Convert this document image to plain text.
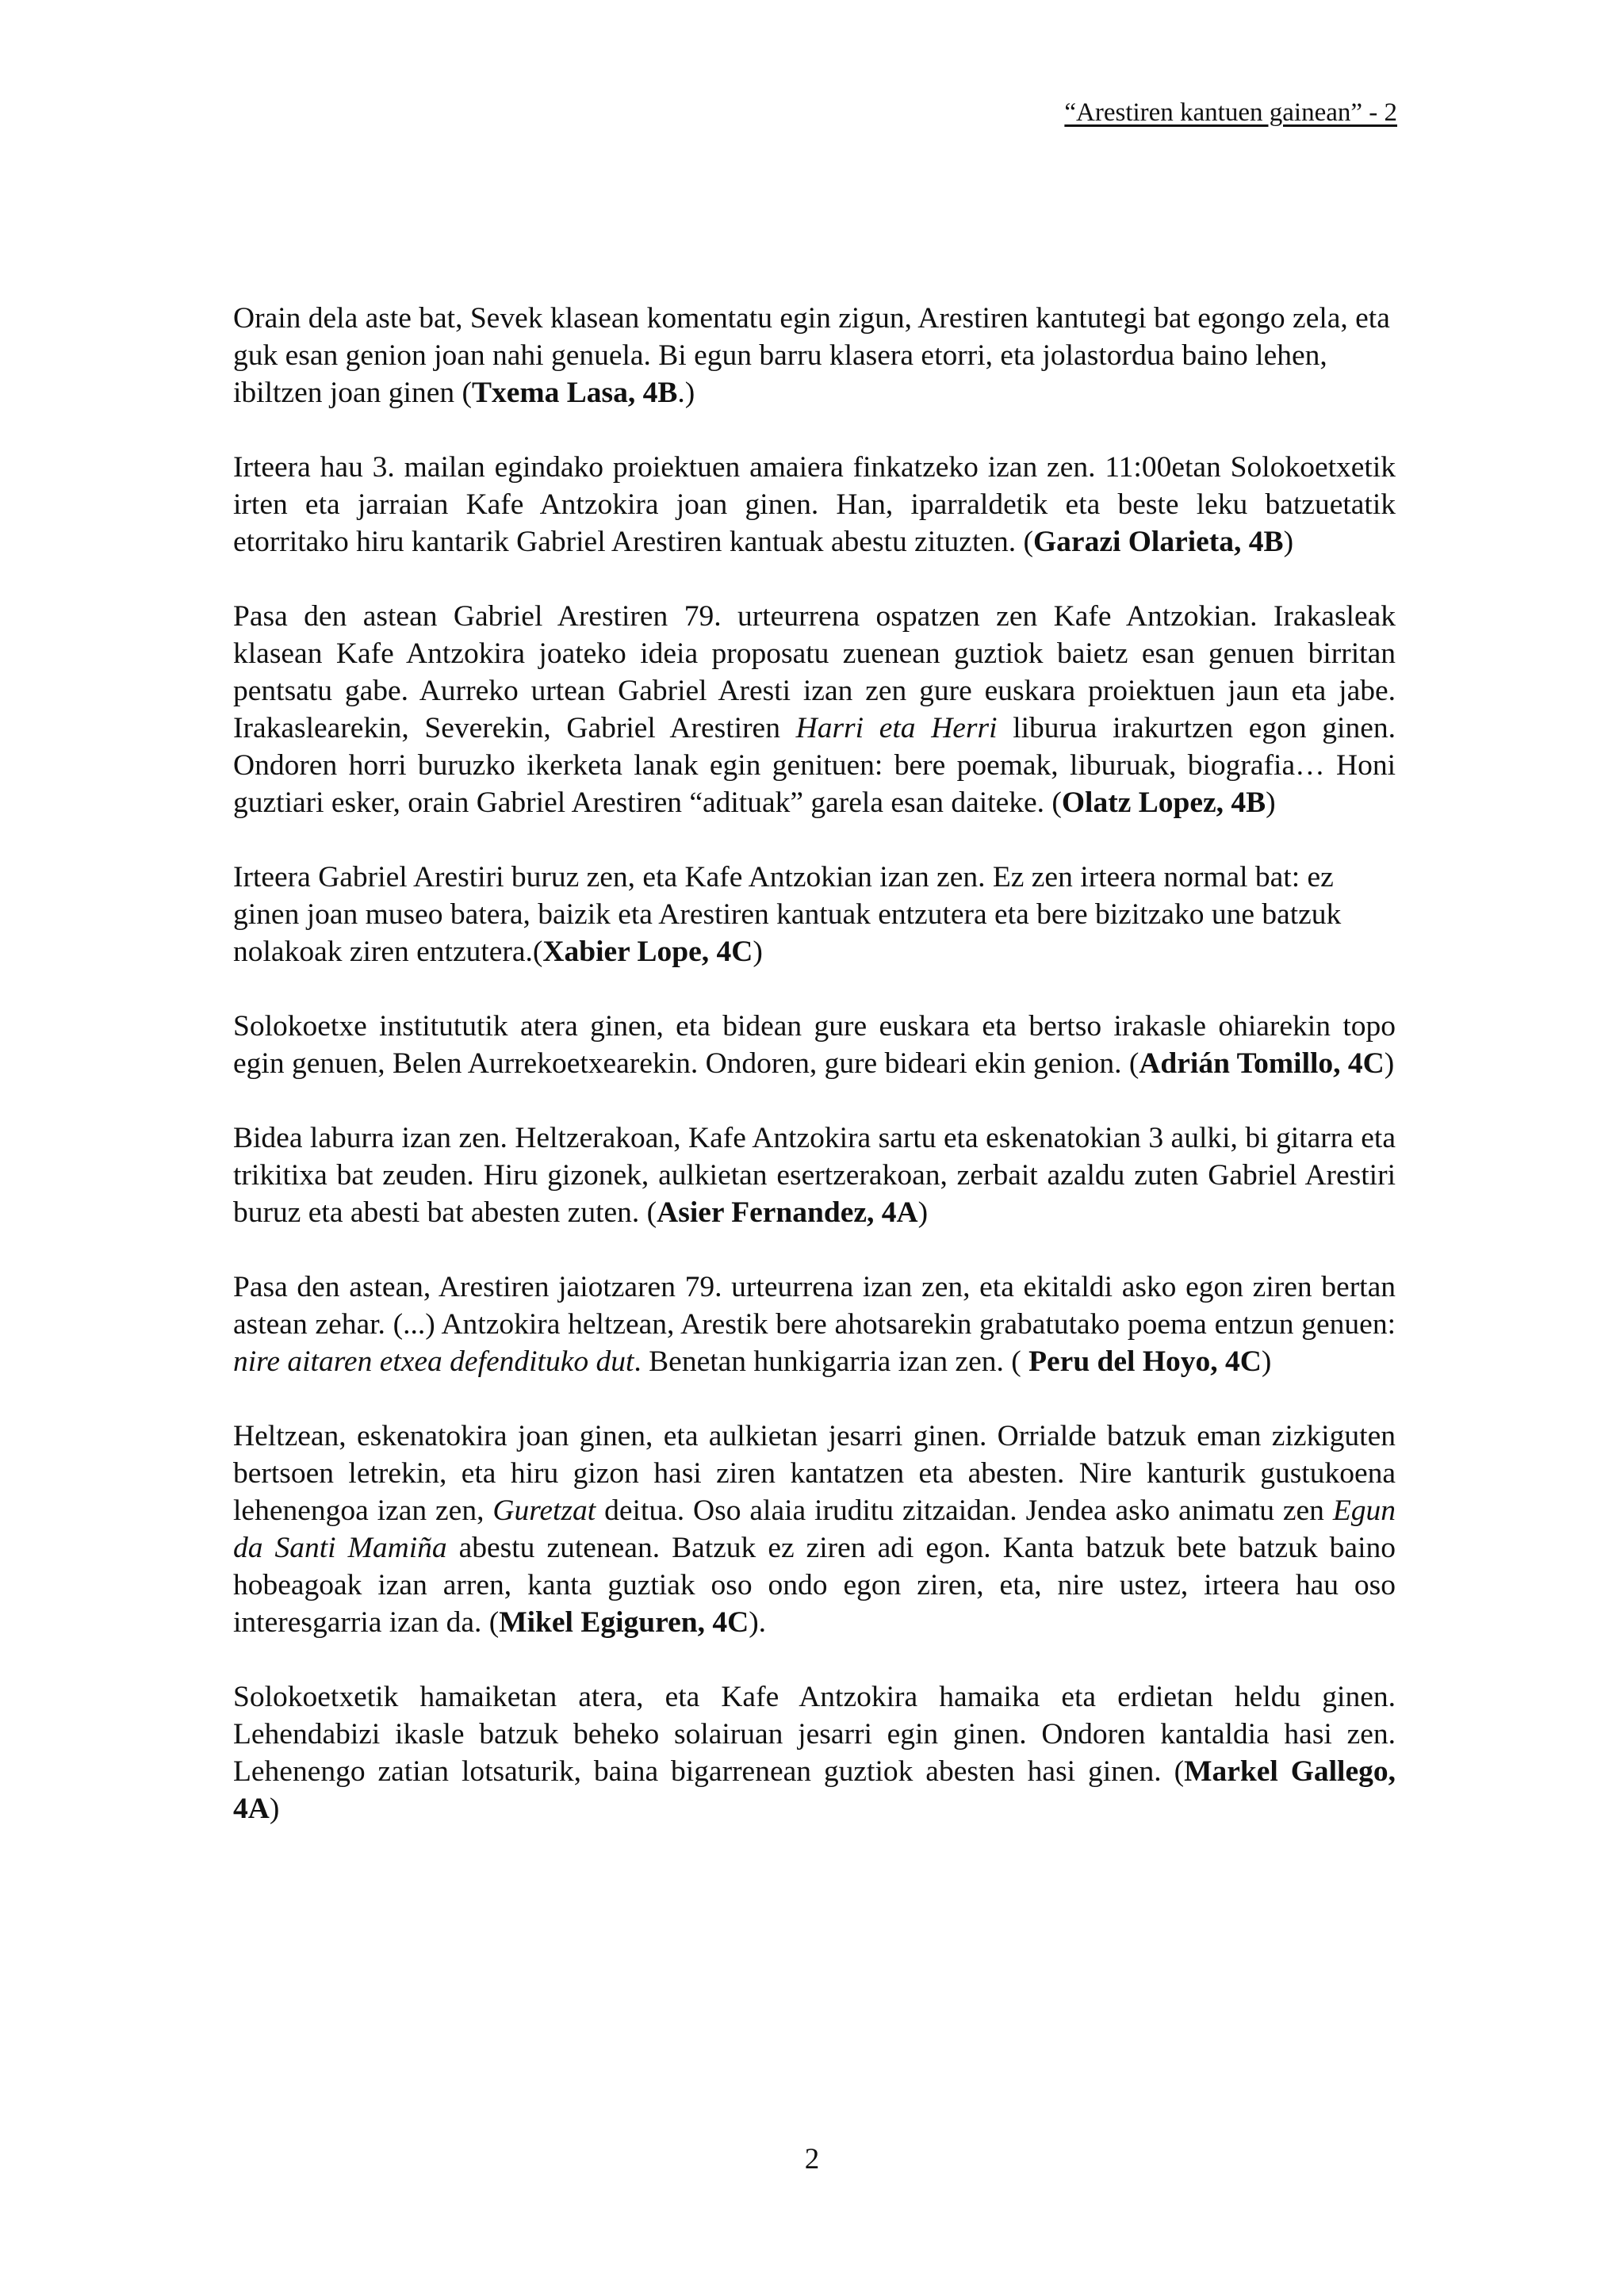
“Arestiren kantuen gainean” - 2

Orain dela aste bat, Sevek klasean komentatu egin zigun, Arestiren kantutegi bat egongo zela, eta guk esan genion joan nahi genuela. Bi egun barru klasera etorri, eta jolastordua baino lehen, ibiltzen joan ginen (Txema Lasa, 4B.)

Irteera hau 3. mailan egindako proiektuen amaiera finkatzeko izan zen. 11:00etan Solokoetxetik irten eta jarraian Kafe Antzokira joan ginen. Han, iparraldetik eta beste leku batzuetatik etorritako hiru kantarik Gabriel Arestiren kantuak abestu zituzten. (Garazi Olarieta, 4B)

Pasa den astean Gabriel Arestiren 79. urteurrena ospatzen zen Kafe Antzokian. Irakasleak klasean Kafe Antzokira joateko ideia proposatu zuenean guztiok baietz esan genuen birritan pentsatu gabe. Aurreko urtean Gabriel Aresti izan zen gure euskara proiektuen jaun eta jabe. Irakaslearekin, Severekin, Gabriel Arestiren Harri eta Herri liburua irakurtzen egon ginen. Ondoren horri buruzko ikerketa lanak egin genituen: bere poemak, liburuak, biografia… Honi guztiari esker, orain Gabriel Arestiren “adituak” garela esan daiteke. (Olatz Lopez, 4B)

Irteera Gabriel Arestiri buruz zen, eta Kafe Antzokian izan zen. Ez zen irteera normal bat: ez ginen joan museo batera, baizik eta Arestiren kantuak entzutera eta bere bizitzako une batzuk nolakoak ziren entzutera.(Xabier Lope, 4C)

Solokoetxe institututik atera ginen, eta bidean gure euskara eta bertso irakasle ohiarekin topo egin genuen, Belen Aurrekoetxearekin. Ondoren, gure bideari ekin genion. (Adrián Tomillo, 4C)

Bidea laburra izan zen. Heltzerakoan, Kafe Antzokira sartu eta eskenatokian 3 aulki, bi gitarra eta trikitixa bat zeuden. Hiru gizonek, aulkietan esertzerakoan, zerbait azaldu zuten Gabriel Arestiri buruz eta abesti bat abesten zuten. (Asier Fernandez, 4A)

Pasa den astean, Arestiren jaiotzaren 79. urteurrena izan zen, eta ekitaldi asko egon ziren bertan astean zehar. (...) Antzokira heltzean, Arestik bere ahotsarekin grabatutako poema entzun genuen: nire aitaren etxea defendituko dut. Benetan hunkigarria izan zen. ( Peru del Hoyo, 4C)

Heltzean, eskenatokira joan ginen, eta aulkietan jesarri ginen. Orrialde batzuk eman zizkiguten bertsoen letrekin, eta hiru gizon hasi ziren kantatzen eta abesten. Nire kanturik gustukoena lehenengoa izan zen, Guretzat deitua. Oso alaia iruditu zitzaidan. Jendea asko animatu zen Egun da Santi Mamiña abestu zutenean. Batzuk ez ziren adi egon. Kanta batzuk bete batzuk baino hobeagoak izan arren, kanta guztiak oso ondo egon ziren, eta, nire ustez, irteera hau oso interesgarria izan da. (Mikel Egiguren, 4C).

Solokoetxetik hamaiketan atera, eta Kafe Antzokira hamaika eta erdietan heldu ginen. Lehendabizi ikasle batzuk beheko solairuan jesarri egin ginen. Ondoren kantaldia hasi zen. Lehenengo zatian lotsaturik, baina bigarrenean guztiok abesten hasi ginen. (Markel Gallego, 4A)

2
